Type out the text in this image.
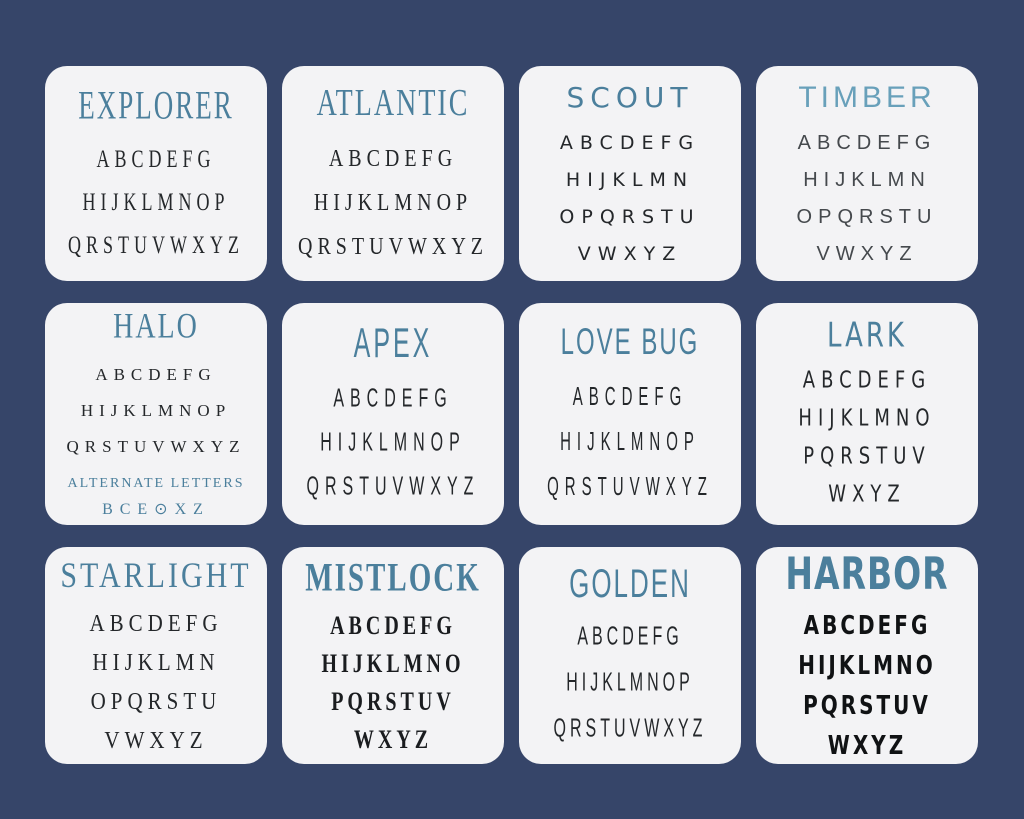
EXPLORER
ABCDEFG
HIJKLMNOP
QRSTUVWXYZ
ATLANTIC
ABCDEFG
HIJKLMNOP
QRSTUVWXYZ
SCOUT
ABCDEFG
HIJKLMN
OPQRSTU
VWXYZ
TIMBER
ABCDEFG
HIJKLMN
OPQRSTU
VWXYZ
HALO
ABCDEFG
HIJKLMNOP
QRSTUVWXYZ
ALTERNATE LETTERS
BCE⊙XZ
APEX
ABCDEFG
HIJKLMNOP
QRSTUVWXYZ
LOVE BUG
ABCDEFG
HIJKLMNOP
QRSTUVWXYZ
LARK
ABCDEFG
HIJKLMNO
PQRSTUV
WXYZ
STARLIGHT
ABCDEFG
HIJKLMN
OPQRSTU
VWXYZ
MISTLOCK
ABCDEFG
HIJKLMNO
PQRSTUV
WXYZ
GOLDEN
ABCDEFG
HIJKLMNOP
QRSTUVWXYZ
HARBOR
ABCDEFG
HIJKLMNO
PQRSTUV
WXYZ
